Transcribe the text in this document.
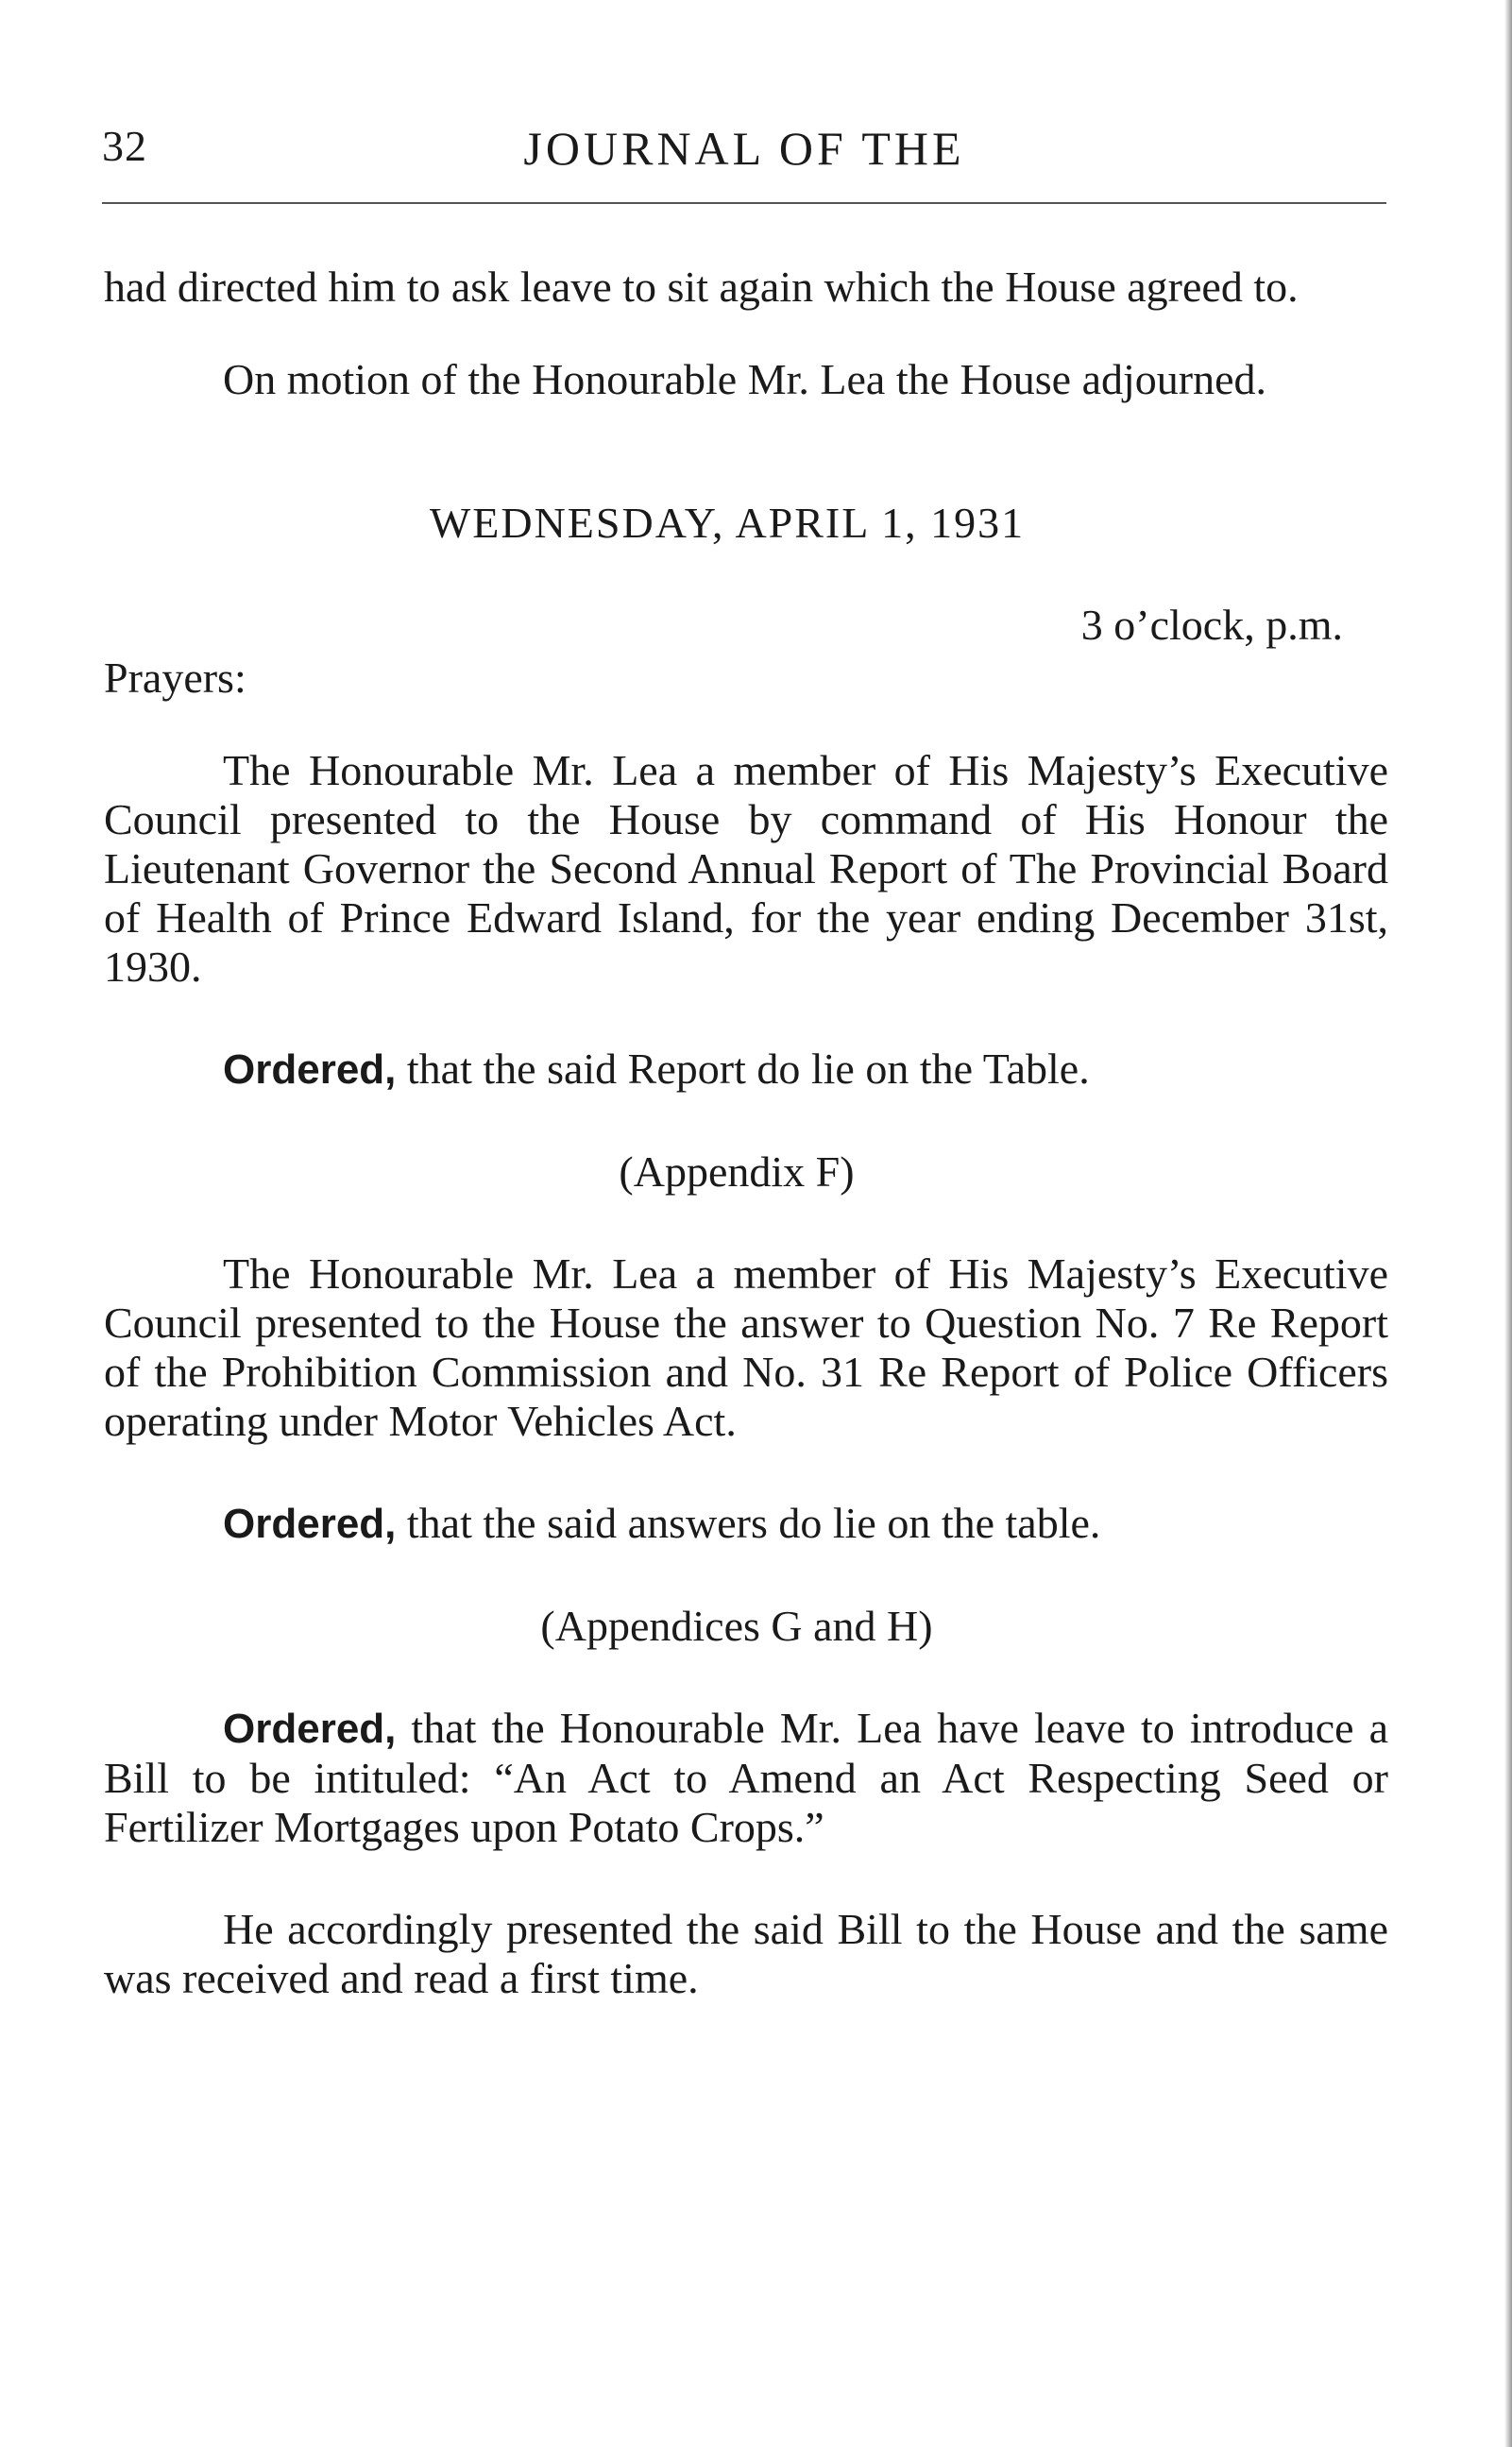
32	JOURNAL OF THE

had directed him to ask leave to sit again which the House agreed to.

On motion of the Honourable Mr. Lea the House adjourned.

WEDNESDAY, APRIL 1, 1931

3 o’clock, p.m.

Prayers:

The Honourable Mr. Lea a member of His Majesty’s Executive Council presented to the House by command of His Honour the Lieutenant Governor the Second Annual Report of The Provincial Board of Health of Prince Edward Island, for the year ending December 31st, 1930.

Ordered, that the said Report do lie on the Table.

(Appendix F)

The Honourable Mr. Lea a member of His Majesty’s Executive Council presented to the House the answer to Question No. 7 Re Report of the Prohibition Commission and No. 31 Re Report of Police Officers operating under Motor Vehicles Act.

Ordered, that the said answers do lie on the table.

(Appendices G and H)

Ordered, that the Honourable Mr. Lea have leave to introduce a Bill to be intituled: “An Act to Amend an Act Respecting Seed or Fertilizer Mortgages upon Potato Crops.”

He accordingly presented the said Bill to the House and the same was received and read a first time.
